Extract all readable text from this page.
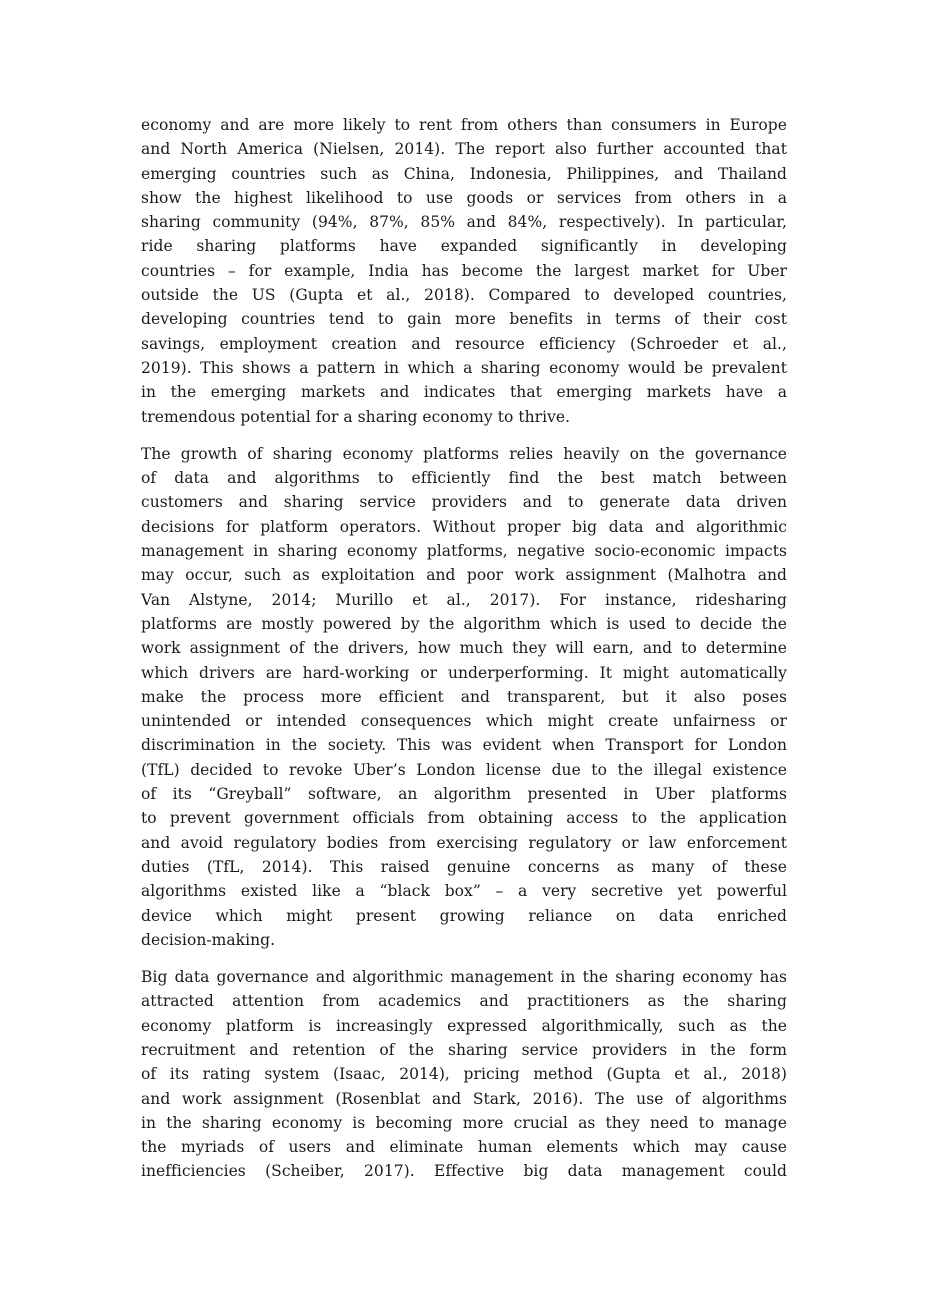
economy and are more likely to rent from others than consumers in Europe
and North America (Nielsen, 2014). The report also further accounted that
emerging countries such as China, Indonesia, Philippines, and Thailand
show the highest likelihood to use goods or services from others in a
sharing community (94%, 87%, 85% and 84%, respectively). In particular,
ride sharing platforms have expanded significantly in developing
countries – for example, India has become the largest market for Uber
outside the US (Gupta et al., 2018). Compared to developed countries,
developing countries tend to gain more benefits in terms of their cost
savings, employment creation and resource efficiency (Schroeder et al.,
2019). This shows a pattern in which a sharing economy would be prevalent
in the emerging markets and indicates that emerging markets have a
tremendous potential for a sharing economy to thrive.
The growth of sharing economy platforms relies heavily on the governance
of data and algorithms to efficiently find the best match between
customers and sharing service providers and to generate data driven
decisions for platform operators. Without proper big data and algorithmic
management in sharing economy platforms, negative socio-economic impacts
may occur, such as exploitation and poor work assignment (Malhotra and
Van Alstyne, 2014; Murillo et al., 2017). For instance, ridesharing
platforms are mostly powered by the algorithm which is used to decide the
work assignment of the drivers, how much they will earn, and to determine
which drivers are hard-working or underperforming. It might automatically
make the process more efficient and transparent, but it also poses
unintended or intended consequences which might create unfairness or
discrimination in the society. This was evident when Transport for London
(TfL) decided to revoke Uber’s London license due to the illegal existence
of its “Greyball” software, an algorithm presented in Uber platforms
to prevent government officials from obtaining access to the application
and avoid regulatory bodies from exercising regulatory or law enforcement
duties (TfL, 2014). This raised genuine concerns as many of these
algorithms existed like a “black box” – a very secretive yet powerful
device which might present growing reliance on data enriched
decision-making.
Big data governance and algorithmic management in the sharing economy has
attracted attention from academics and practitioners as the sharing
economy platform is increasingly expressed algorithmically, such as the
recruitment and retention of the sharing service providers in the form
of its rating system (Isaac, 2014), pricing method (Gupta et al., 2018)
and work assignment (Rosenblat and Stark, 2016). The use of algorithms
in the sharing economy is becoming more crucial as they need to manage
the myriads of users and eliminate human elements which may cause
inefficiencies (Scheiber, 2017). Effective big data management could
